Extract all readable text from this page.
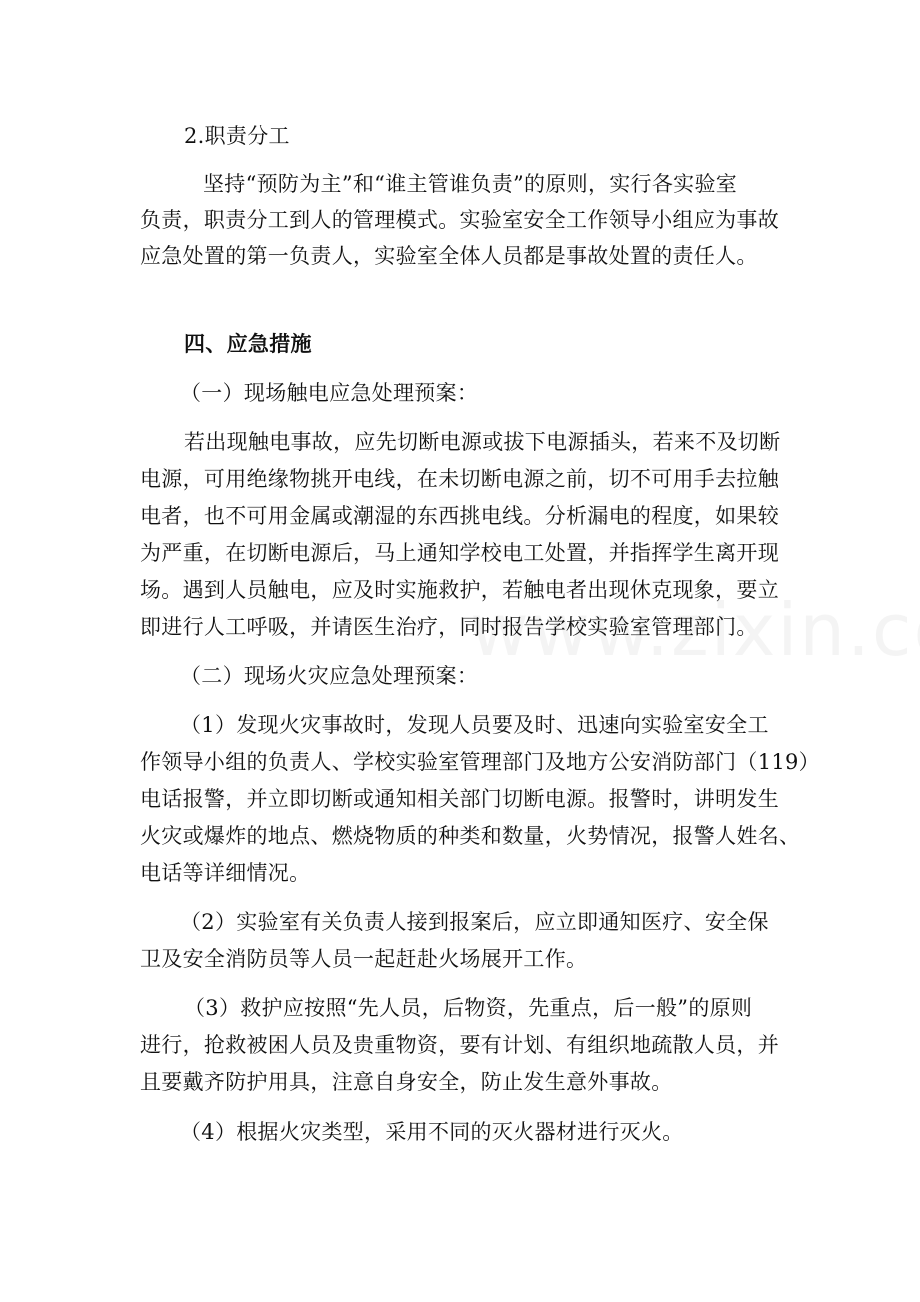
2.职责分工
坚持“预防为主”和“谁主管谁负责”的原则，实行各实验室
负责，职责分工到人的管理模式。实验室安全工作领导小组应为事故
应急处置的第一负责人，实验室全体人员都是事故处置的责任人。
四、应急措施
（一）现场触电应急处理预案：
若出现触电事故，应先切断电源或拔下电源插头，若来不及切断
电源，可用绝缘物挑开电线，在未切断电源之前，切不可用手去拉触
电者，也不可用金属或潮湿的东西挑电线。分析漏电的程度，如果较
为严重，在切断电源后，马上通知学校电工处置，并指挥学生离开现
场。遇到人员触电，应及时实施救护，若触电者出现休克现象，要立
即进行人工呼吸，并请医生治疗，同时报告学校实验室管理部门。
（二）现场火灾应急处理预案：
（1）发现火灾事故时，发现人员要及时、迅速向实验室安全工
作领导小组的负责人、学校实验室管理部门及地方公安消防部门（119）
电话报警，并立即切断或通知相关部门切断电源。报警时，讲明发生
火灾或爆炸的地点、燃烧物质的种类和数量，火势情况，报警人姓名、
电话等详细情况。
（2）实验室有关负责人接到报案后，应立即通知医疗、安全保
卫及安全消防员等人员一起赶赴火场展开工作。
（3）救护应按照“先人员，后物资，先重点，后一般”的原则
进行，抢救被困人员及贵重物资，要有计划、有组织地疏散人员，并
且要戴齐防护用具，注意自身安全，防止发生意外事故。
（4）根据火灾类型，采用不同的灭火器材进行灭火。
